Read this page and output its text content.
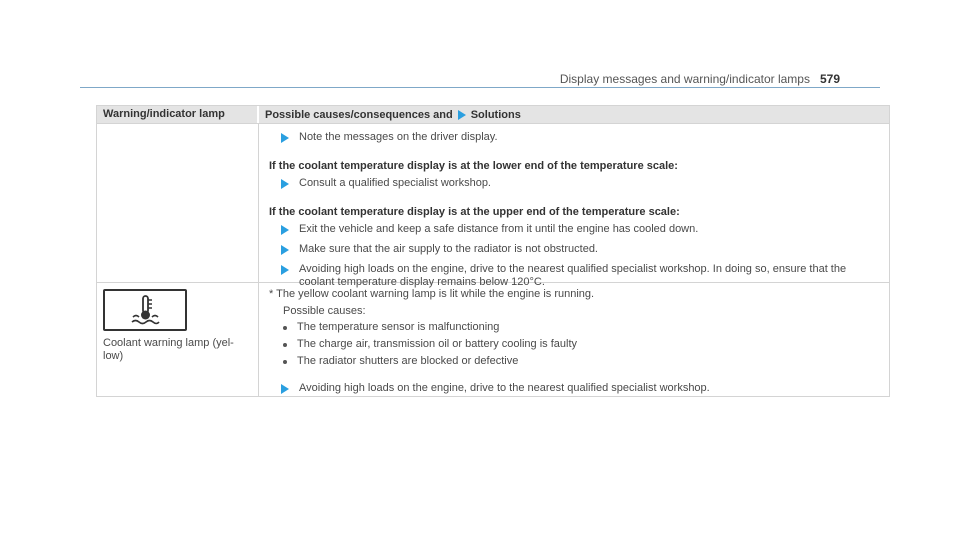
Display messages and warning/indicator lamps 579
Warning/indicator lamp	Possible causes/consequences and Solutions
Note the messages on the driver display.
If the coolant temperature display is at the lower end of the temperature scale:
Consult a qualified specialist workshop.
If the coolant temperature display is at the upper end of the temperature scale:
Exit the vehicle and keep a safe distance from it until the engine has cooled down.
Make sure that the air supply to the radiator is not obstructed.
Avoiding high loads on the engine, drive to the nearest qualified specialist workshop. In doing so, ensure that the coolant temperature display remains below 120°C.
Coolant warning lamp (yel-low)
* The yellow coolant warning lamp is lit while the engine is running.
Possible causes:
The temperature sensor is malfunctioning
The charge air, transmission oil or battery cooling is faulty
The radiator shutters are blocked or defective
Avoiding high loads on the engine, drive to the nearest qualified specialist workshop.
